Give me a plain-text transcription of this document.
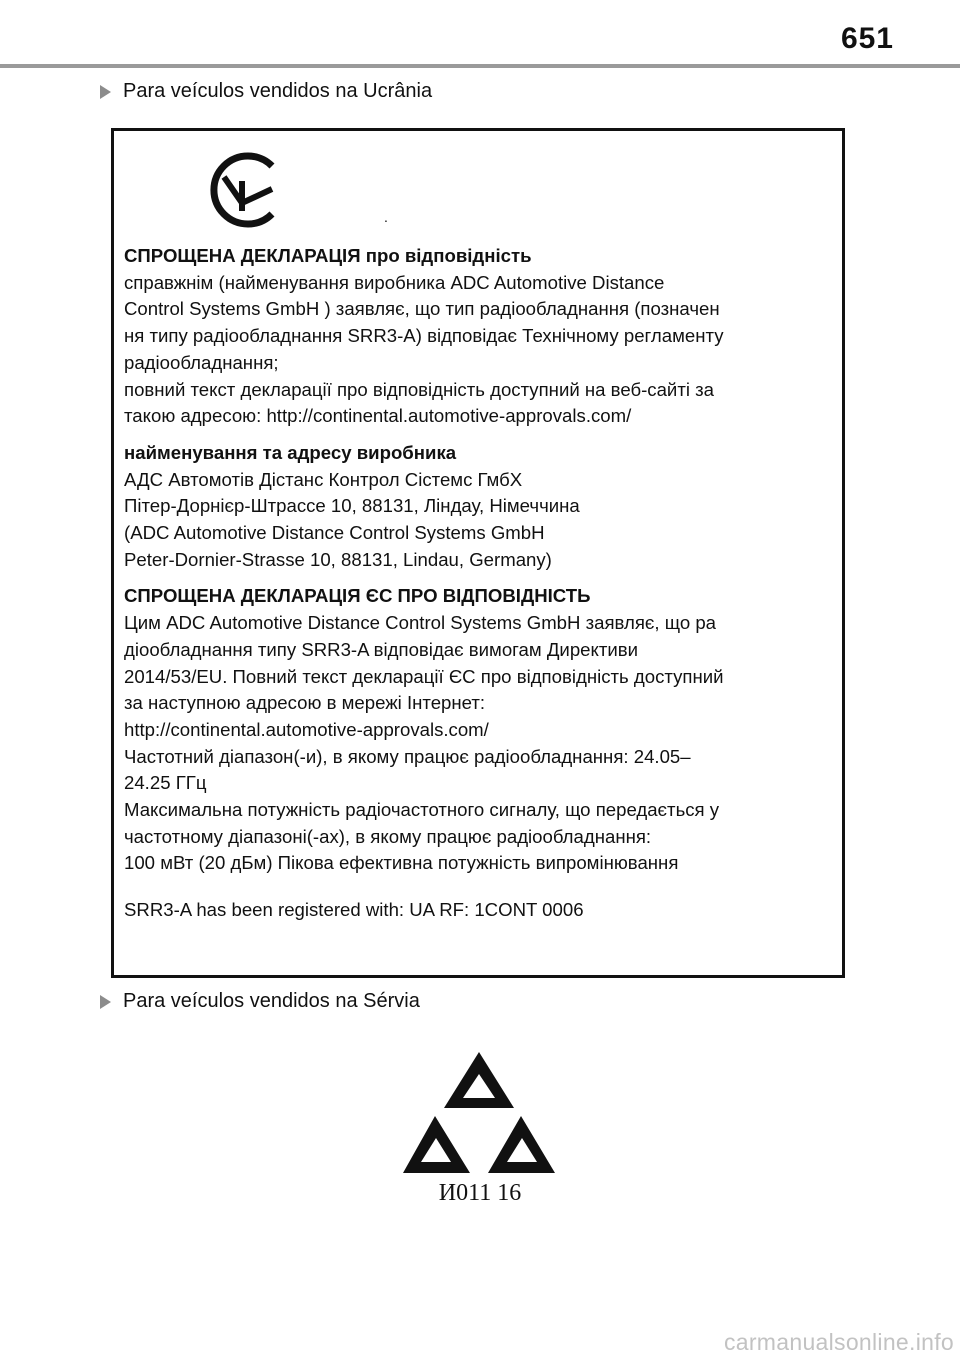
651
Para veículos vendidos na Ucrânia
.

СПРОЩЕНА ДЕКЛАРАЦІЯ про відповідність

справжнім (найменування виробника ADC Automotive Distance

Control Systems GmbH ) заявляє, що тип радіообладнання (позначен

ня типу радіообладнання SRR3-A) відповідає Технічному регламенту

радіообладнання;

повний текст декларації про відповідність доступний на веб-сайті за

такою адресою: http://continental.automotive-approvals.com/

найменування та адресу виробника

АДС Автомотів Дістанс Контрол Сістемс ГмбХ

Пітер-Дорнієр-Штрассе 10, 88131, Ліндау, Німеччина

(ADC Automotive Distance Control Systems GmbH

Peter-Dornier-Strasse 10, 88131, Lindau, Germany)

СПРОЩЕНА ДЕКЛАРАЦІЯ ЄС ПРО ВІДПОВІДНІСТЬ

Цим ADC Automotive Distance Control Systems GmbH заявляє, що ра

діообладнання типу SRR3-A відповідає вимогам Директиви

2014/53/EU. Повний текст декларації ЄС про відповідність доступний

за наступною адресою в мережі Інтернет:

http://continental.automotive-approvals.com/

Частотний діапазон(-и), в якому працює радіообладнання: 24.05–

24.25 ГГц

Максимальна потужність радіочастотного сигналу, що передається у

частотному діапазоні(-ах), в якому працює радіообладнання:

100 мВт (20 дБм) Пікова ефективна потужність випромінювання

SRR3-A has been registered with: UA RF: 1CONT 0006

Para veículos vendidos na Sérvia
И011 16
carmanualsonline.info
